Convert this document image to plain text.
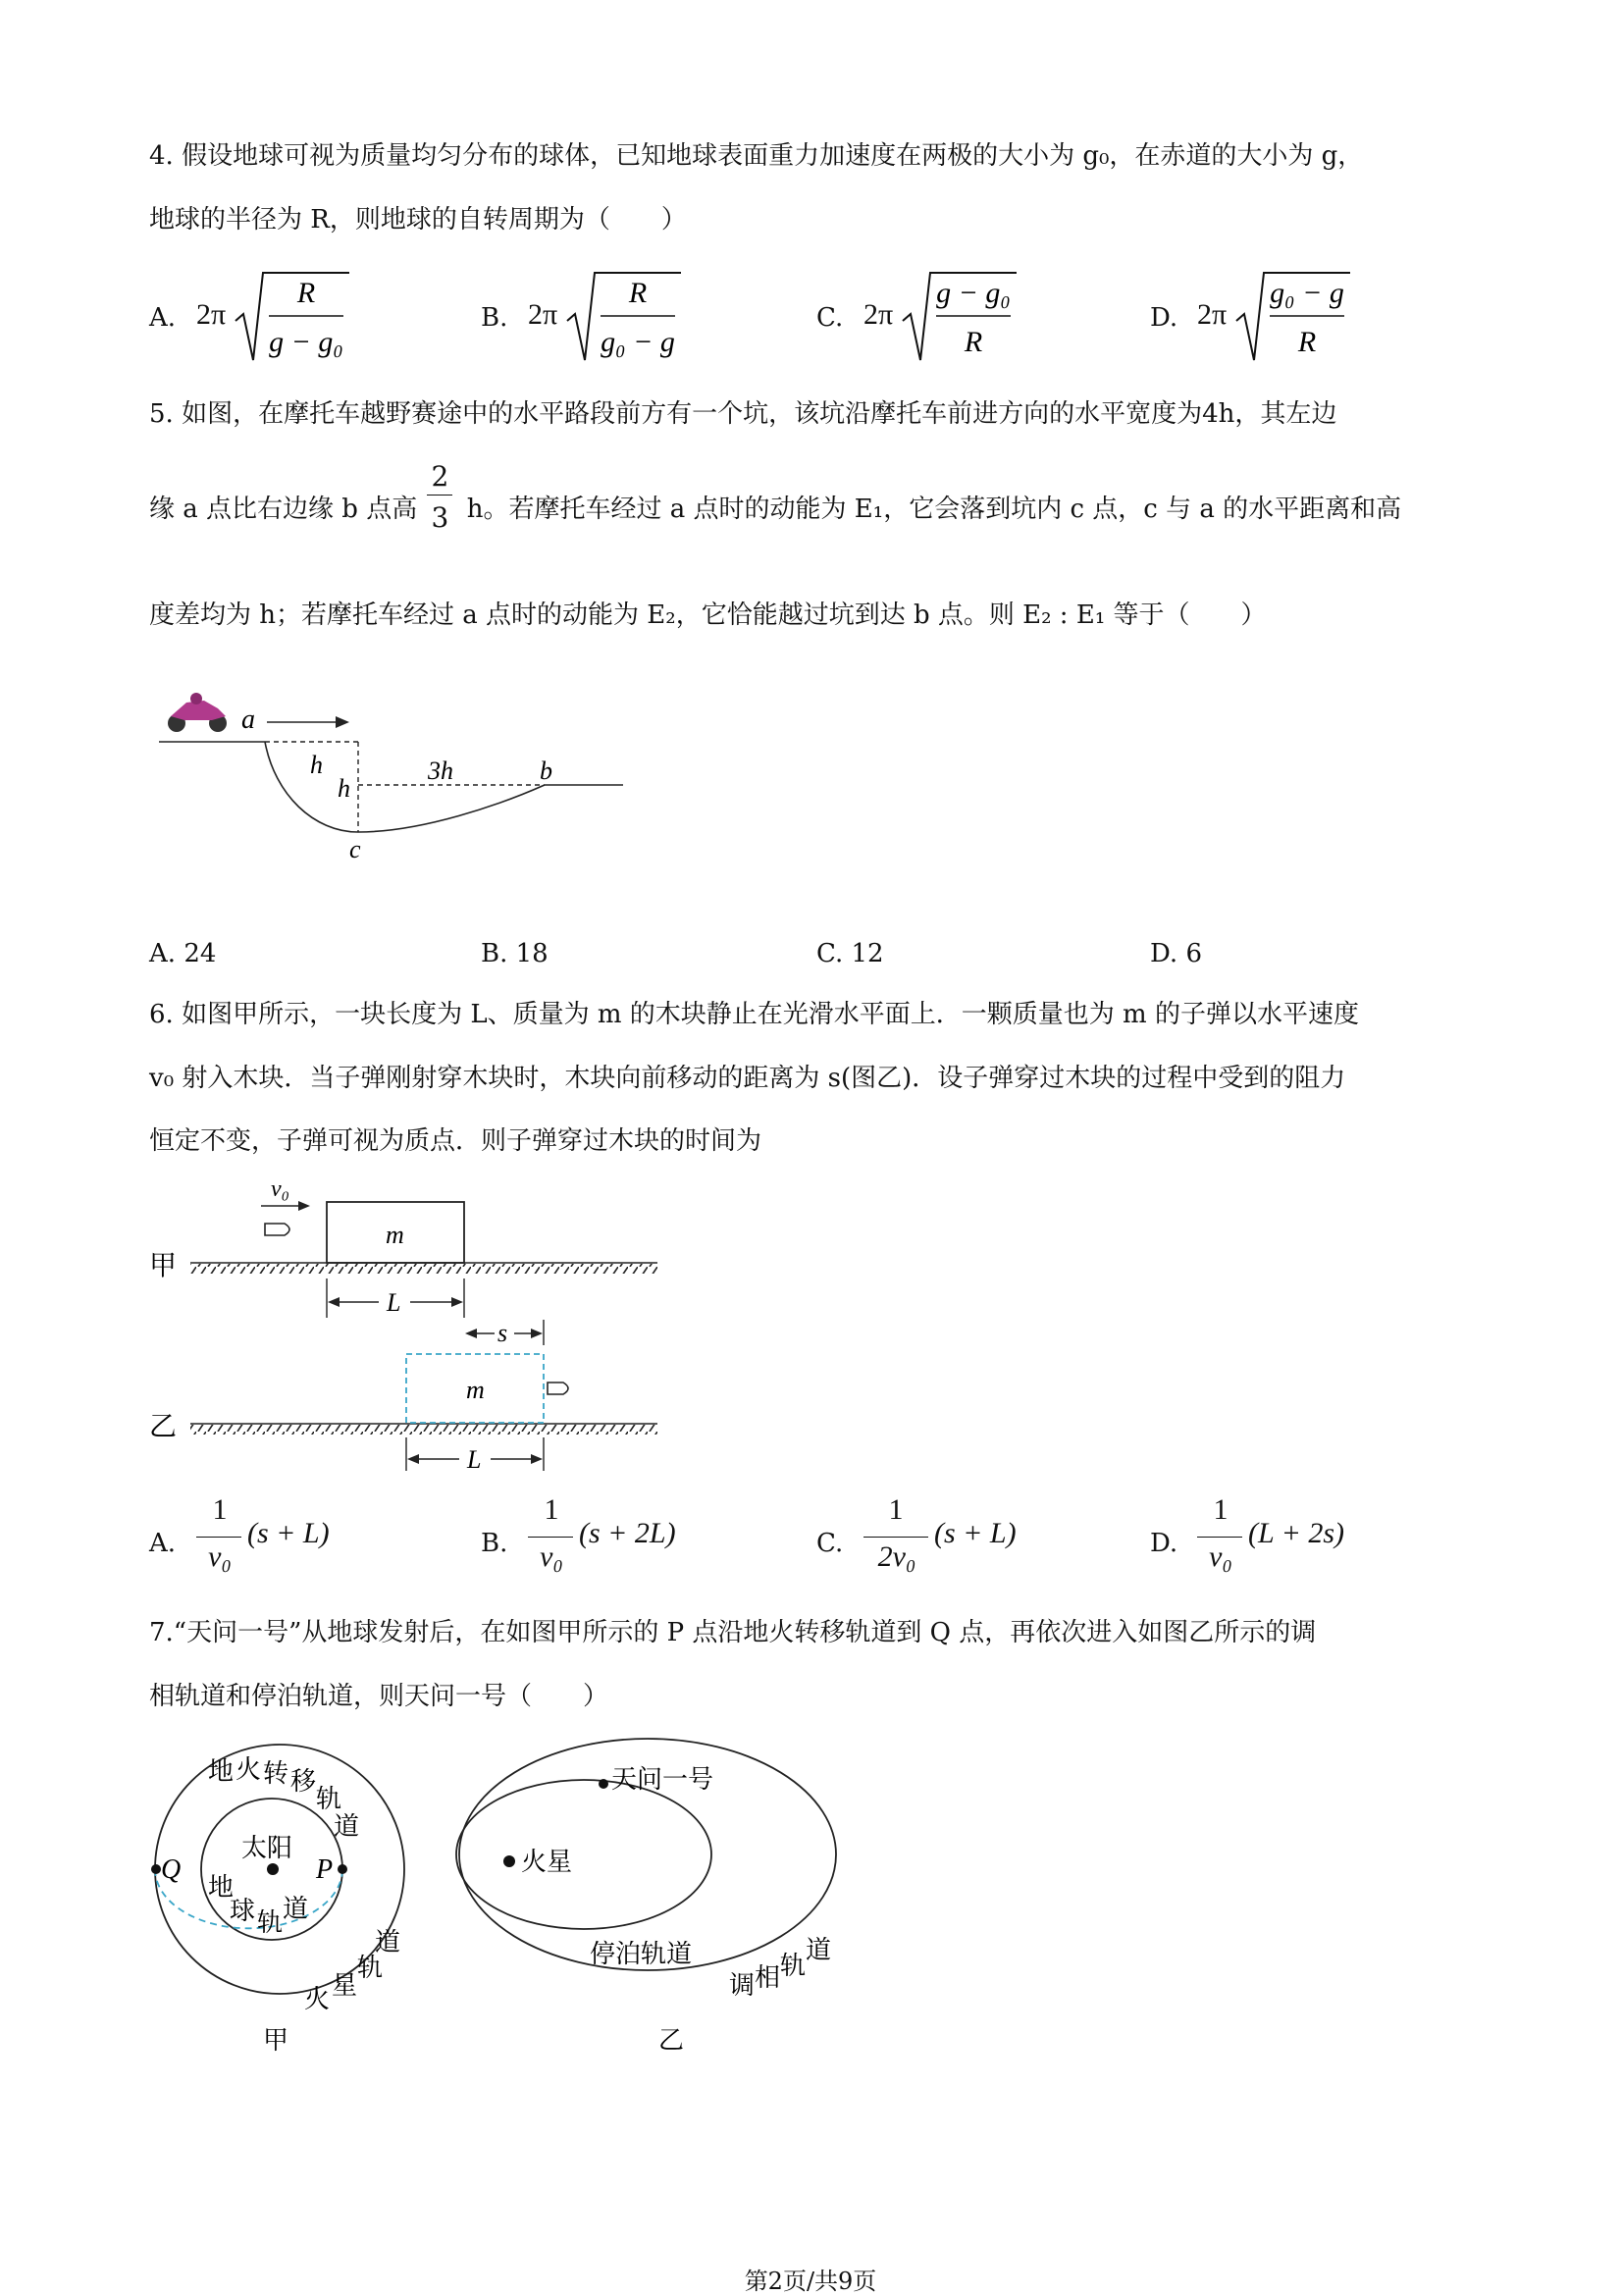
4. 假设地球可视为质量均匀分布的球体，已知地球表面重力加速度在两极的大小为 g₀，在赤道的大小为 g，
地球的半径为 R，则地球的自转周期为（　　）
A. 2π
R
g − g₀
B. 2π
R
g₀ − g
C. 2π
g − g₀
R
D. 2π
g₀ − g
R
5. 如图，在摩托车越野赛途中的水平路段前方有一个坑，该坑沿摩托车前进方向的水平宽度为4h，其左边
缘 a 点比右边缘 b 点高 $\frac{2}{3}$ h。若摩托车经过 a 点时的动能为 E₁，它会落到坑内 c 点，c 与 a 的水平距离和高
度差均为 h；若摩托车经过 a 点时的动能为 E₂，它恰能越过坑到达 b 点。则 E₂ : E₁ 等于（　　）
a
h
h
3h	b
c
A. 24	B. 18	C. 12	D. 6
6. 如图甲所示，一块长度为 L、质量为 m 的木块静止在光滑水平面上．一颗质量也为 m 的子弹以水平速度
v₀ 射入木块．当子弹刚射穿木块时，木块向前移动的距离为 s(图乙)．设子弹穿过木块的过程中受到的阻力
恒定不变，子弹可视为质点．则子弹穿过木块的时间为
甲
m
v₀
L
s
乙
m
L
A.
1
v₀
(s + L)	B.
1
v₀
(s + 2L)	C.
1
2v₀
(s + L)	D.
1
v₀
(L + 2s)
7.“天问一号”从地球发射后，在如图甲所示的 P 点沿地火转移轨道到 Q 点，再依次进入如图乙所示的调
相轨道和停泊轨道，则天问一号（　　）
Q	P
太阳
地 火 转 移
轨
道
地
球 轨 道
道
轨
星
火
甲
天问一号
火星
停泊轨道
调 相 轨
道
乙
第2页/共9页
